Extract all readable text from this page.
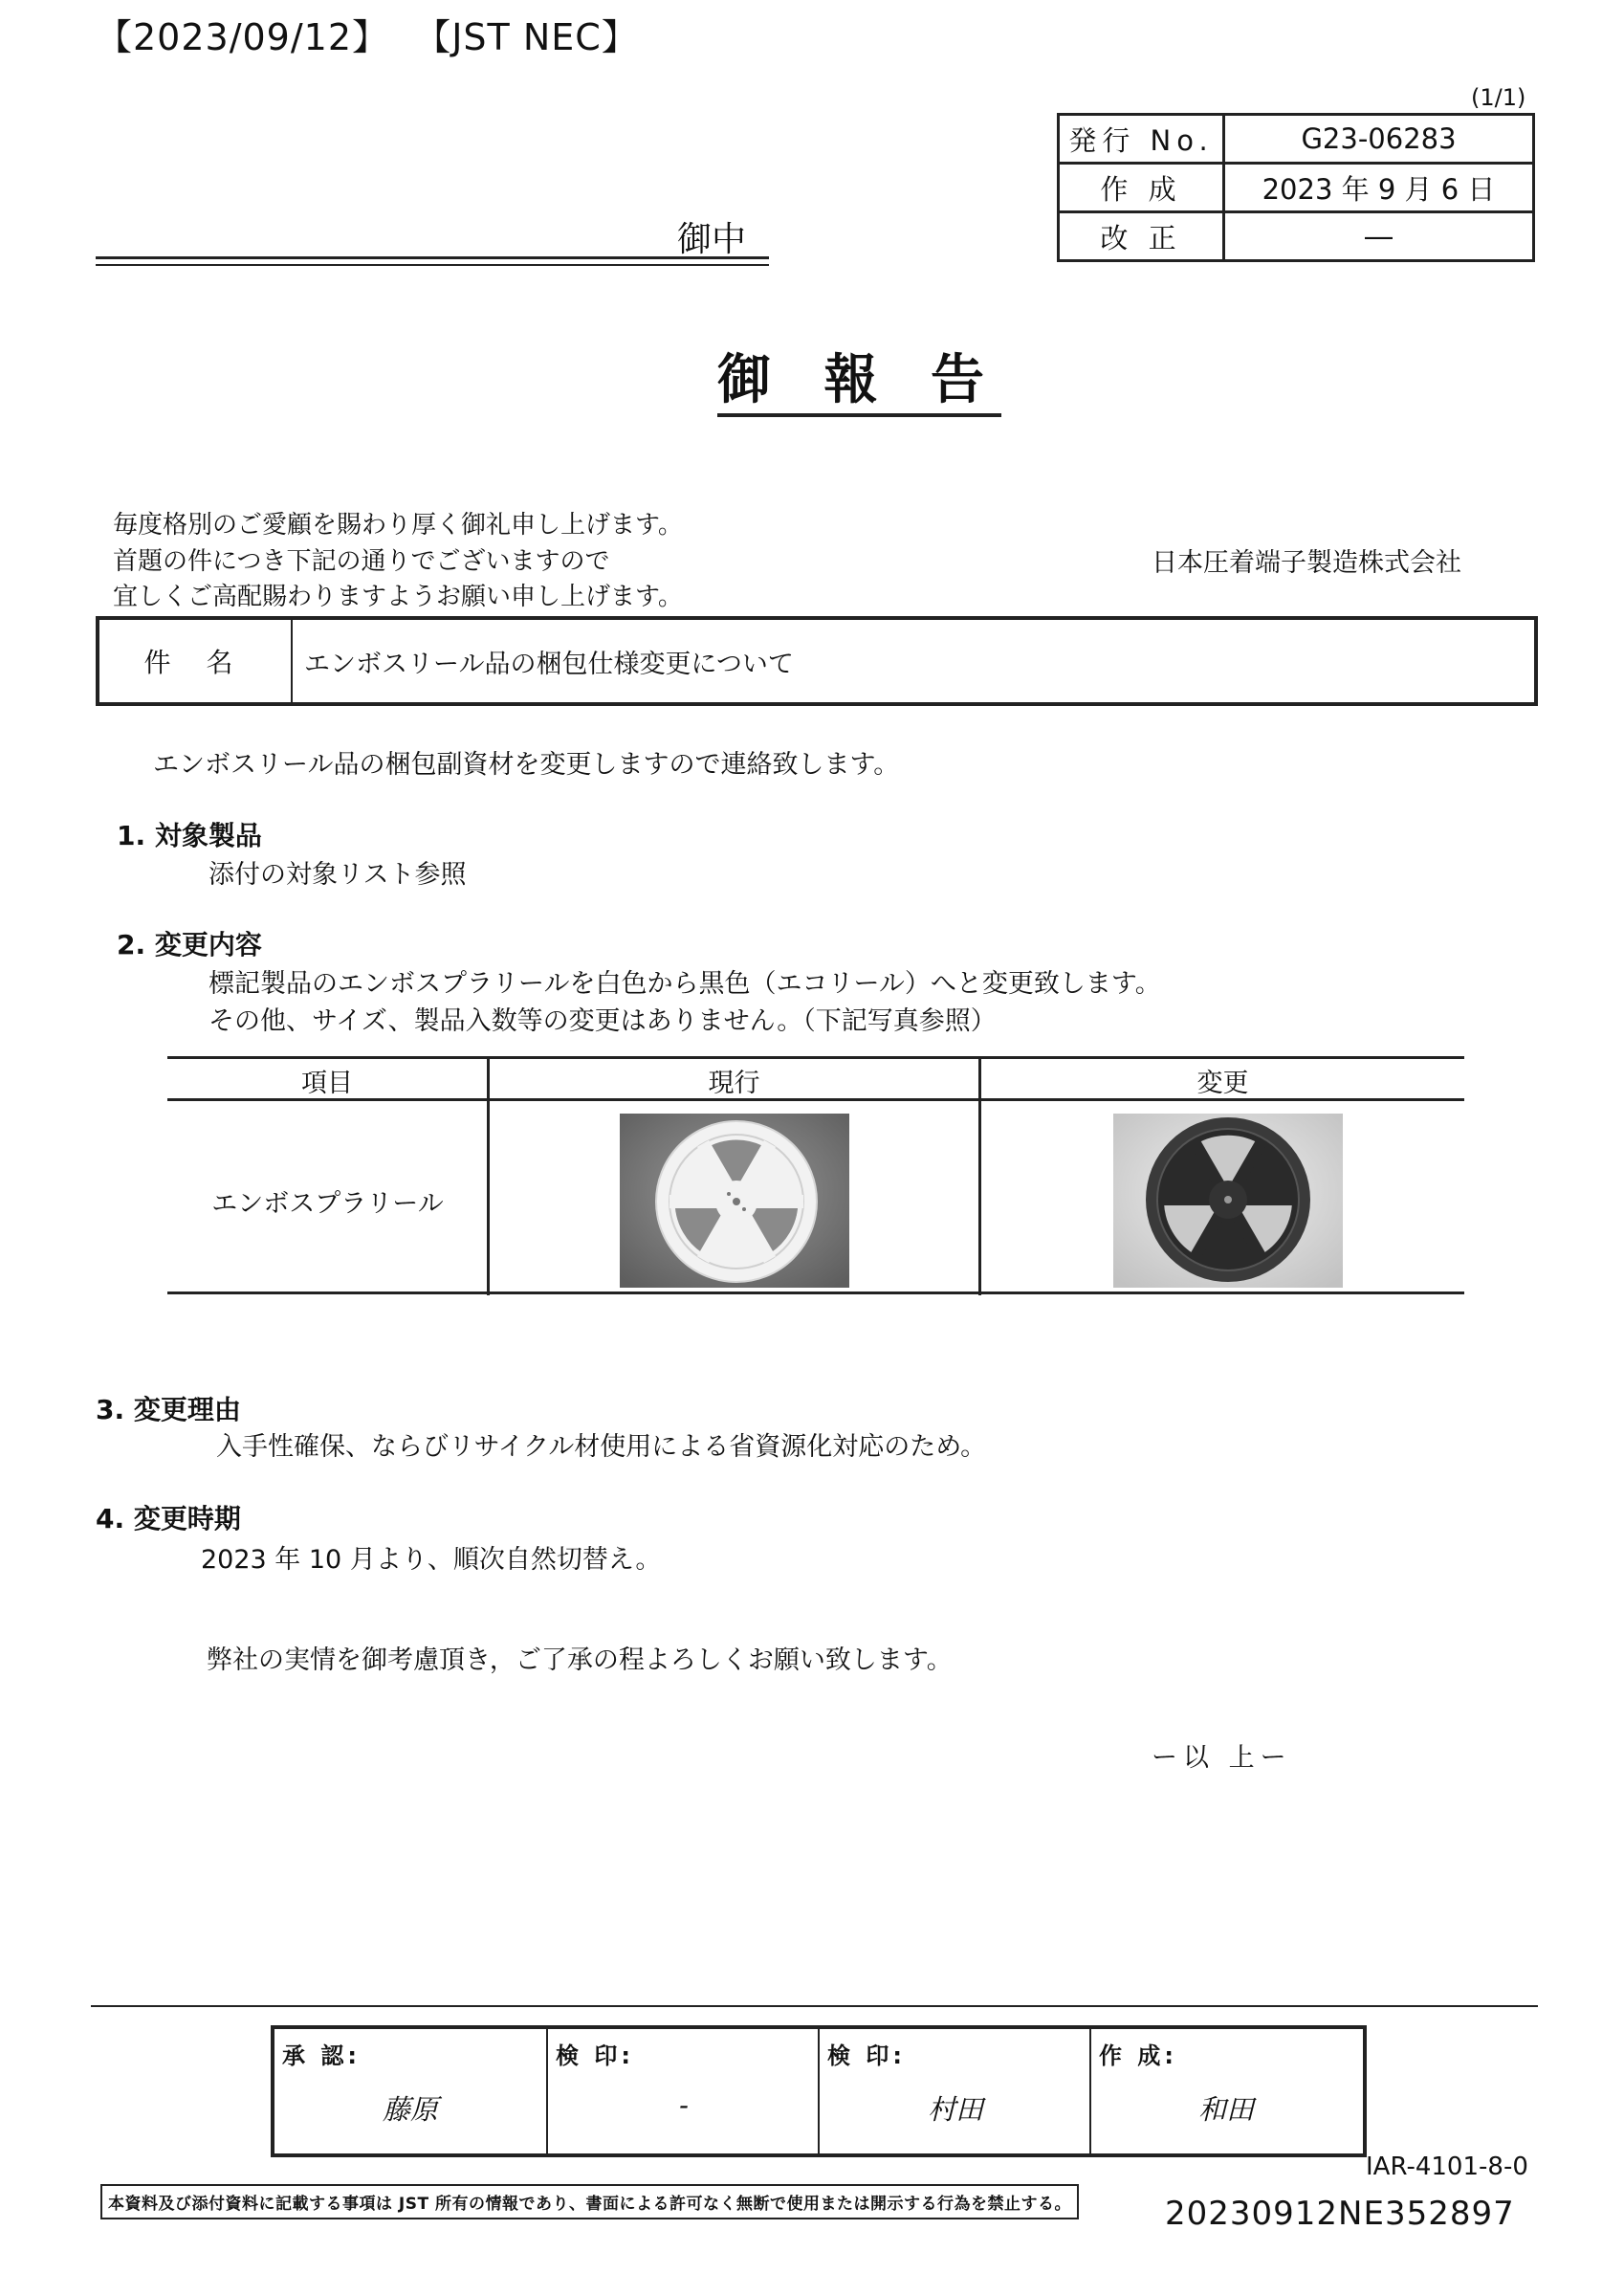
【2023/09/12】 【JST NEC】
(1/1)
発行 No.	G23-06283
作 成	2023 年 9 月 6 日
改 正	―
御中
御 報 告
毎度格別のご愛顧を賜わり厚く御礼申し上げます。
首題の件につき下記の通りでございますので
宜しくご高配賜わりますようお願い申し上げます。
日本圧着端子製造株式会社
件 名	エンボスリール品の梱包仕様変更について
エンボスリール品の梱包副資材を変更しますので連絡致します。
1. 対象製品
添付の対象リスト参照
2. 変更内容
標記製品のエンボスプラリールを白色から黒色（エコリール）へと変更致します。
その他、サイズ、製品入数等の変更はありません。（下記写真参照）
項目	現行	変更
エンボスプラリール
3. 変更理由
入手性確保、ならびリサイクル材使用による省資源化対応のため。
4. 変更時期
2023 年 10 月より、順次自然切替え。
弊社の実情を御考慮頂き，ご了承の程よろしくお願い致します。
ー以 上ー
承 認:
藤原
検 印:
-
検 印:
村田
作 成:
和田
IAR-4101-8-0
本資料及び添付資料に記載する事項は JST 所有の情報であり、書面による許可なく無断で使用または開示する行為を禁止する。	20230912NE352897
